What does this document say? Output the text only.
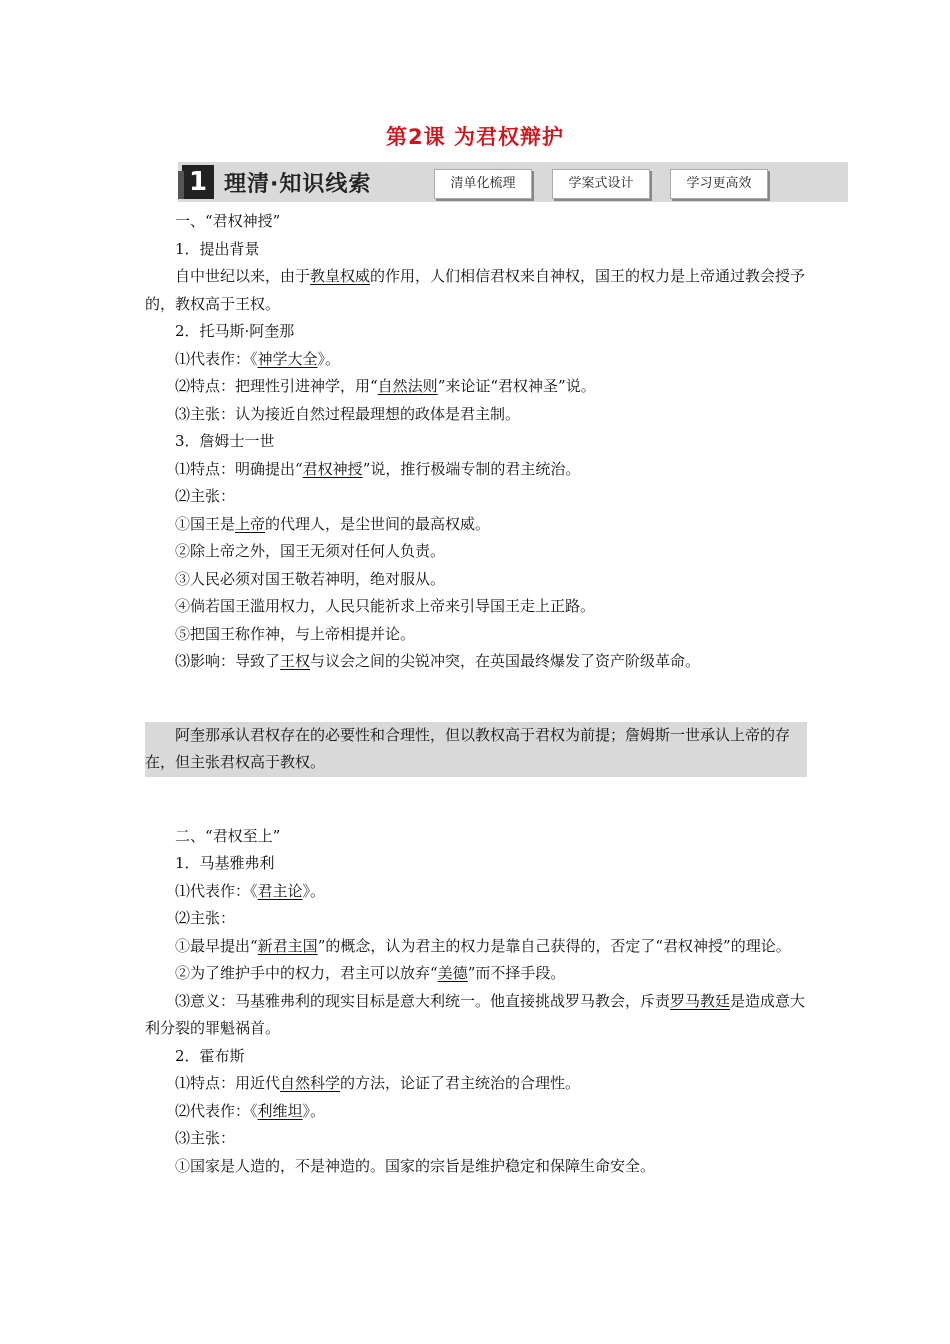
第2课 为君权辩护
1 理清·知识线索	清单化梳理	学案式设计	学习更高效

一、“君权神授”

1．提出背景

自中世纪以来，由于教皇权威的作用，人们相信君权来自神权，国王的权力是上帝通过教会授予的，教权高于王权。

2．托马斯·阿奎那

⑴代表作：《神学大全》。

⑵特点：把理性引进神学，用“自然法则”来论证“君权神圣”说。

⑶主张：认为接近自然过程最理想的政体是君主制。

3．詹姆士一世

⑴特点：明确提出“君权神授”说，推行极端专制的君主统治。

⑵主张：

①国王是上帝的代理人，是尘世间的最高权威。

②除上帝之外，国王无须对任何人负责。

③人民必须对国王敬若神明，绝对服从。

④倘若国王滥用权力，人民只能祈求上帝来引导国王走上正路。

⑤把国王称作神，与上帝相提并论。

⑶影响：导致了王权与议会之间的尖锐冲突，在英国最终爆发了资产阶级革命。

阿奎那承认君权存在的必要性和合理性，但以教权高于君权为前提；詹姆斯一世承认上帝的存在，但主张君权高于教权。

二、“君权至上”

1．马基雅弗利

⑴代表作：《君主论》。

⑵主张：

①最早提出“新君主国”的概念，认为君主的权力是靠自己获得的，否定了“君权神授”的理论。

②为了维护手中的权力，君主可以放弃“美德”而不择手段。

⑶意义：马基雅弗利的现实目标是意大利统一。他直接挑战罗马教会，斥责罗马教廷是造成意大利分裂的罪魁祸首。

2．霍布斯

⑴特点：用近代自然科学的方法，论证了君主统治的合理性。

⑵代表作：《利维坦》。

⑶主张：

①国家是人造的，不是神造的。国家的宗旨是维护稳定和保障生命安全。
